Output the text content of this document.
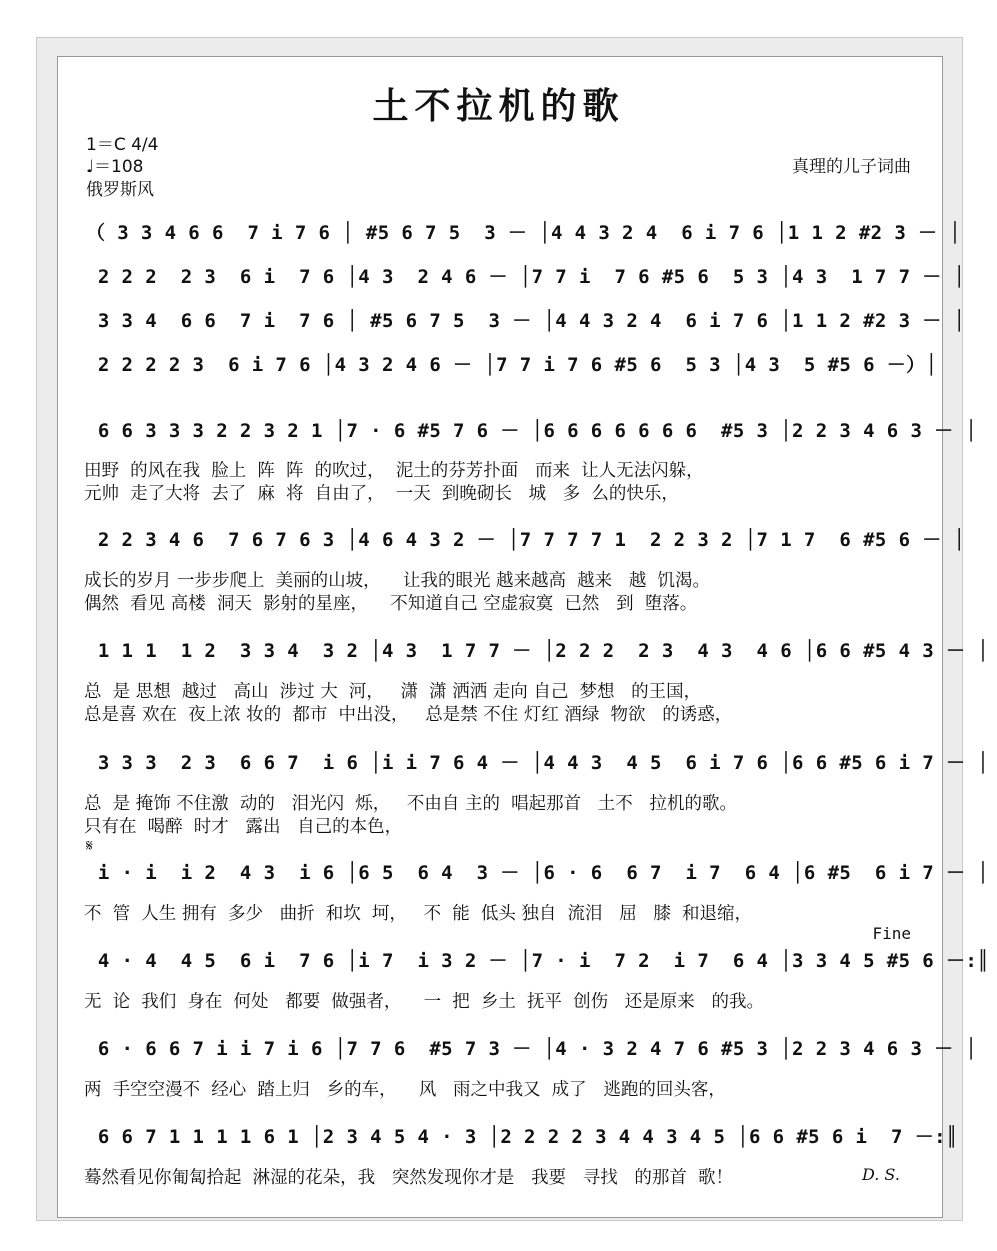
土不拉机的歌
1＝C 4/4
♩＝108
俄罗斯风
真理的儿子词曲
（ 3 3 4 6 6  7 i 7 6 │ #5 6 7 5  3 － │4 4 3 2 4  6 i 7 6 │1 1 2 #2 3 － │
2 2 2  2 3  6 i  7 6 │4 3  2 4 6 － │7 7 i  7 6 #5 6  5 3 │4 3  1 7 7 － │
3 3 4  6 6  7 i  7 6 │ #5 6 7 5  3 － │4 4 3 2 4  6 i 7 6 │1 1 2 #2 3 － │
2 2 2 2 3  6 i 7 6 │4 3 2 4 6 － │7 7 i 7 6 #5 6  5 3 │4 3  5 #5 6 －）│
6 6 3 3 3 2 2 3 2 1 │7 · 6 #5 7 6 － │6 6 6 6 6 6 6  #5 3 │2 2 3 4 6 3 － │
田野  的风在我  脸上  阵  阵  的吹过，  泥土的芬芳扑面   而来  让人无法闪躲，
元帅  走了大将  去了  麻  将  自由了，  一天  到晚砌长   城   多  么的快乐，
2 2 3 4 6  7 6 7 6 3 │4 6 4 3 2 － │7 7 7 7 1  2 2 3 2 │7 1 7  6 #5 6 － │
成长的岁月 一步步爬上  美丽的山坡，    让我的眼光 越来越高  越来   越  饥渴。
偶然  看见 高楼  洞天  影射的星座，    不知道自己 空虚寂寞  已然   到  堕落。
1 1 1  1 2  3 3 4  3 2 │4 3  1 7 7 － │2 2 2  2 3  4 3  4 6 │6 6 #5 4 3 － │
总  是 思想  越过   高山  涉过 大  河，   潇  潇 洒洒 走向 自己  梦想   的王国，
总是喜 欢在  夜上浓 妆的  都市  中出没，   总是禁 不住 灯红 酒绿  物欲   的诱惑，
3 3 3  2 3  6 6 7  i 6 │i i 7 6 4 － │4 4 3  4 5  6 i 7 6 │6 6 #5 6 i 7 － │
总  是 掩饰 不住激  动的   泪光闪  烁，   不由自 主的  唱起那首   土不   拉机的歌。
只有在  喝醉  时才   露出   自己的本色，
𝄋
i · i  i 2  4 3  i 6 │6 5  6 4  3 － │6 · 6  6 7  i 7  6 4 │6 #5  6 i 7 － │
不  管  人生 拥有  多少   曲折  和坎  坷，   不  能  低头 独自  流泪   屈   膝  和退缩，
Fine
4 · 4  4 5  6 i  7 6 │i 7  i 3 2 － │7 · i  7 2  i 7  6 4 │3 3 4 5 #5 6 －:║
无  论  我们  身在  何处   都要  做强者，    一  把  乡土  抚平  创伤   还是原来   的我。
6 · 6 6 7 i i 7 i 6 │7 7 6  #5 7 3 － │4 · 3 2 4 7 6 #5 3 │2 2 3 4 6 3 － │
两  手空空漫不  经心  踏上归   乡的车，    风   雨之中我又  成了   逃跑的回头客，
6 6 7 1 1 1 1 6 1 │2 3 4 5 4 · 3 │2 2 2 2 3 4 4 3 4 5 │6 6 #5 6 i  7 －:║
蓦然看见你匍匐拾起  淋湿的花朵，我   突然发现你才是   我要   寻找   的那首  歌！	D. S.
